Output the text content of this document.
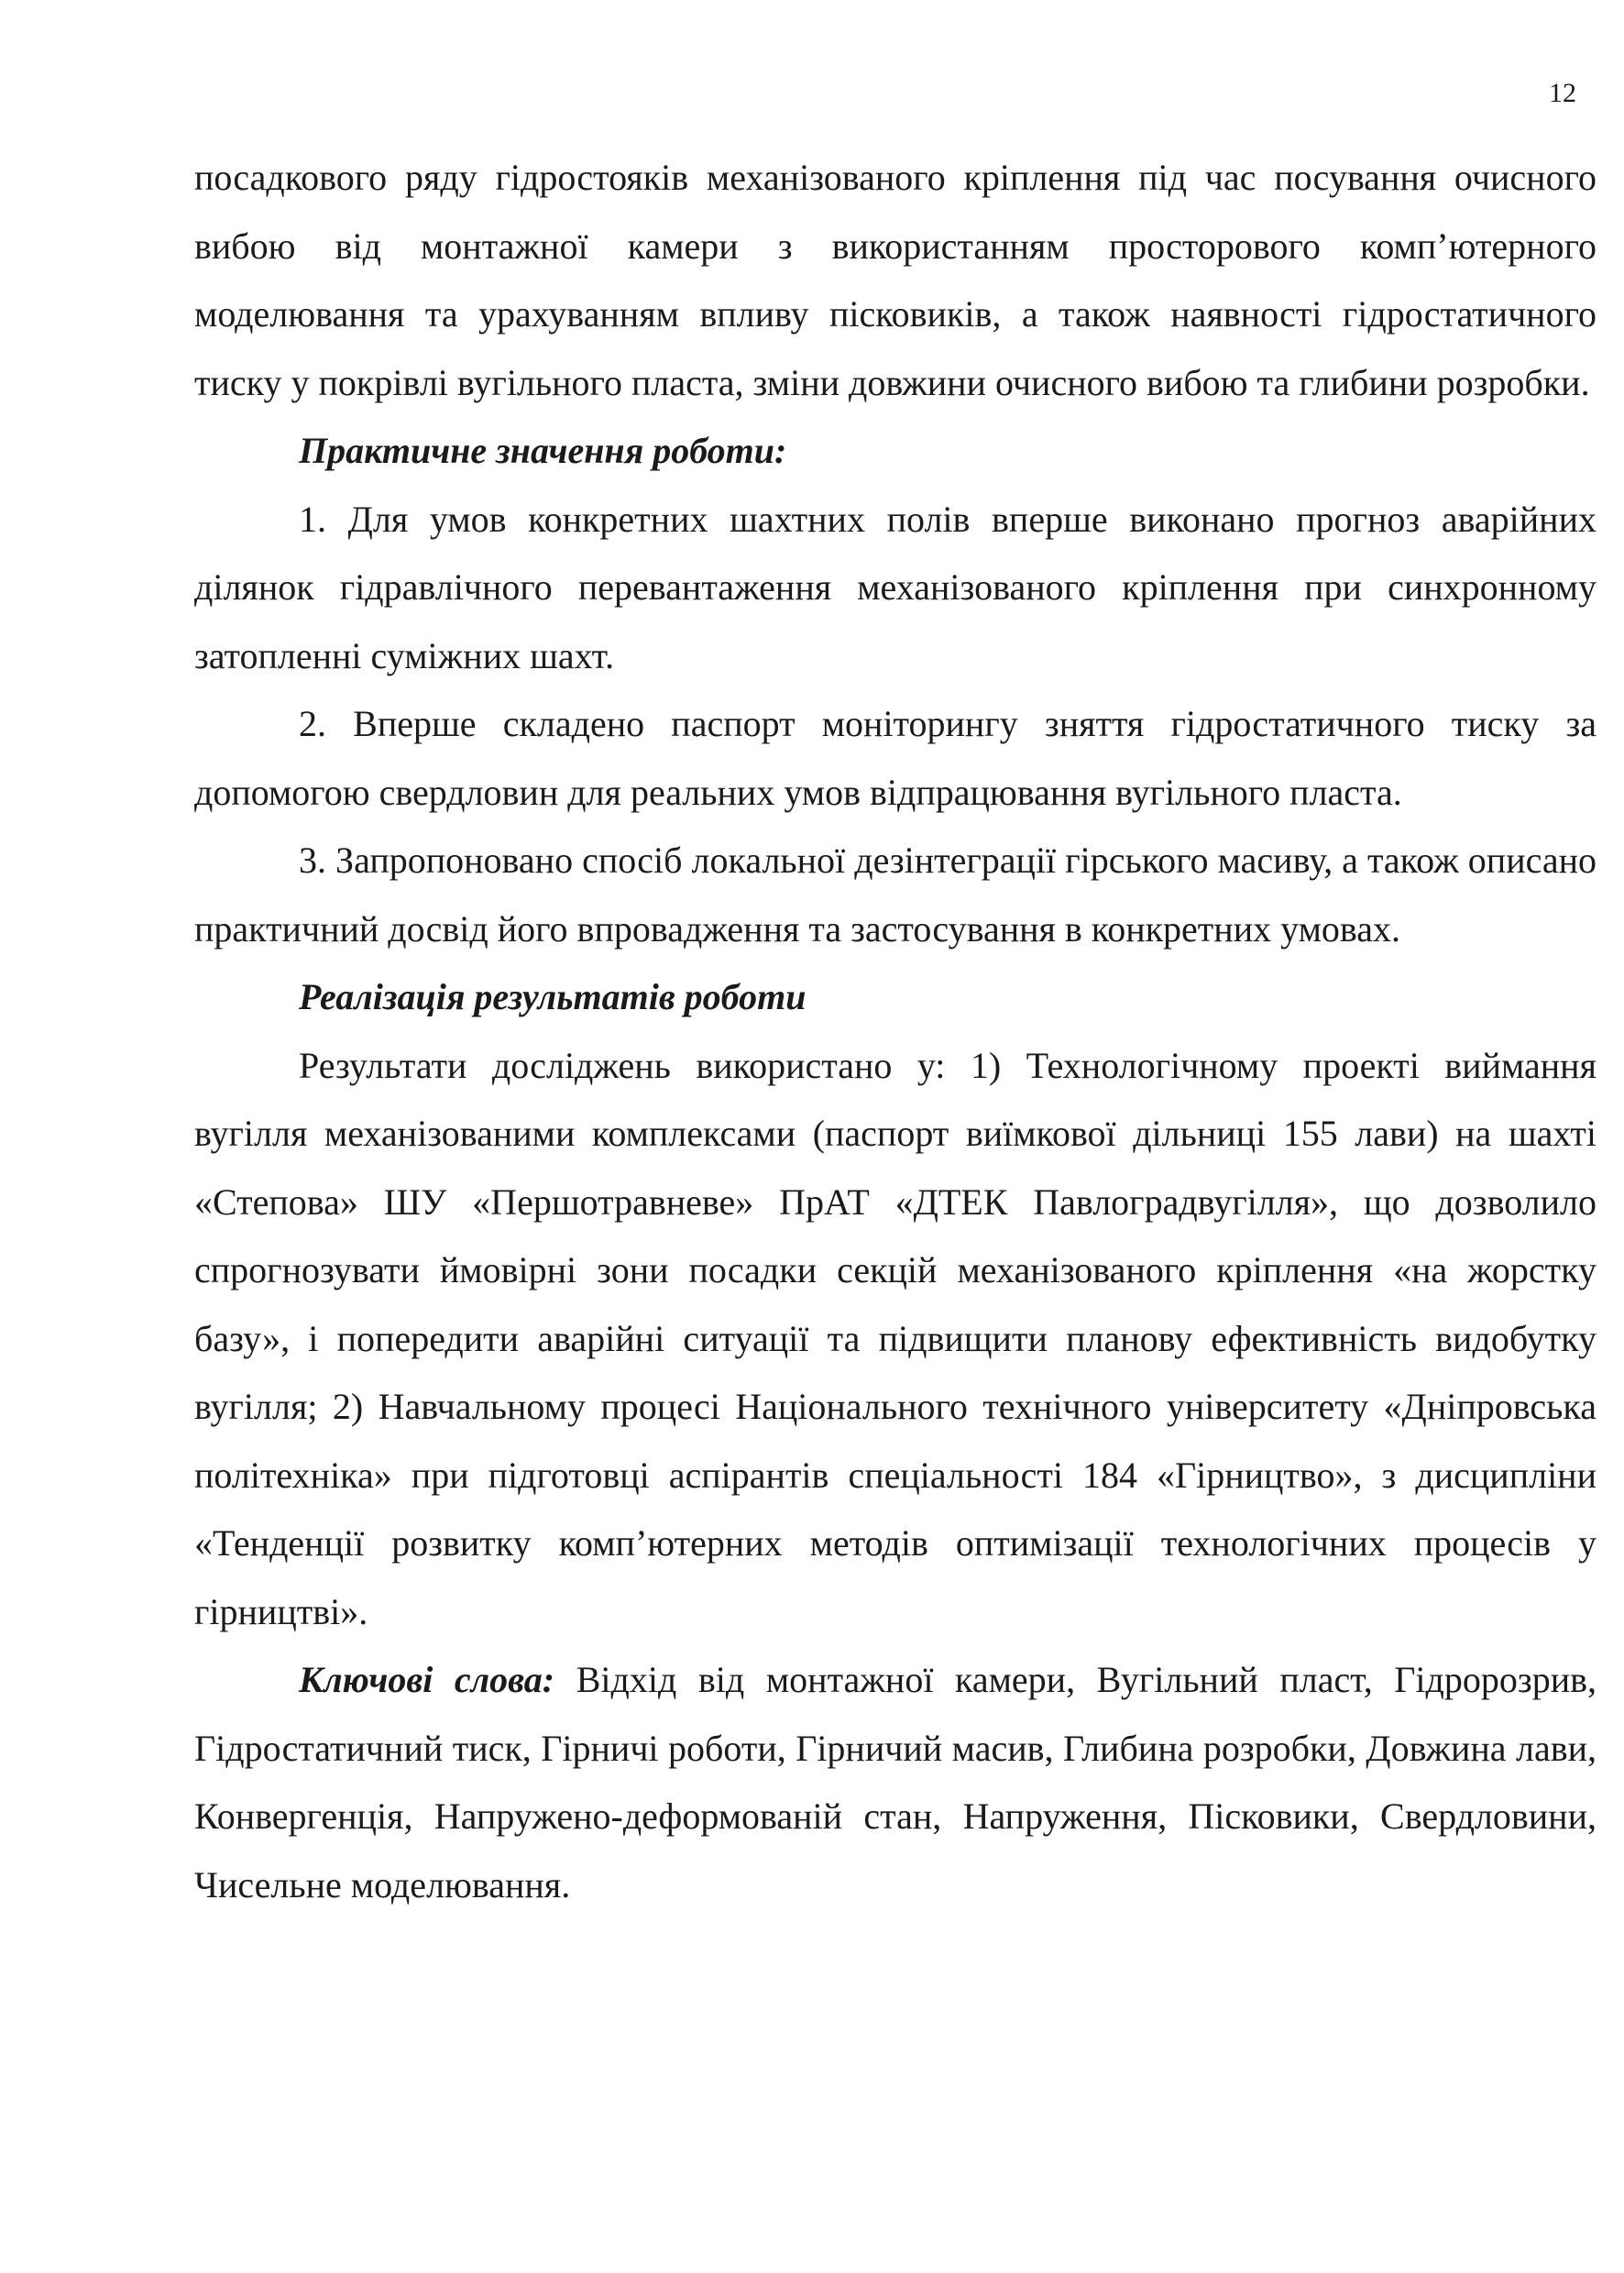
12

посадкового ряду гідростояків механізованого кріплення під час посування очисного вибою від монтажної камери з використанням просторового комп’ютерного моделювання та урахуванням впливу пісковиків, а також наявності гідростатичного тиску у покрівлі вугільного пласта, зміни довжини очисного вибою та глибини розробки.

Практичне значення роботи:

1. Для умов конкретних шахтних полів вперше виконано прогноз аварійних ділянок гідравлічного перевантаження механізованого кріплення при синхронному затопленні суміжних шахт.

2. Вперше складено паспорт моніторингу зняття гідростатичного тиску за допомогою свердловин для реальних умов відпрацювання вугільного пласта.

3. Запропоновано спосіб локальної дезінтеграції гірського масиву, а також описано практичний досвід його впровадження та застосування в конкретних умовах.

Реалізація результатів роботи

Результати досліджень використано у: 1) Технологічному проекті виймання вугілля механізованими комплексами (паспорт виїмкової дільниці 155 лави) на шахті «Степова» ШУ «Першотравневе» ПрАТ «ДТЕК Павлоградвугілля», що дозволило спрогнозувати ймовірні зони посадки секцій механізованого кріплення «на жорстку базу», і попередити аварійні ситуації та підвищити планову ефективність видобутку вугілля; 2) Навчальному процесі Національного технічного університету «Дніпровська політехніка» при підготовці аспірантів спеціальності 184 «Гірництво», з дисципліни «Тенденції розвитку комп’ютерних методів оптимізації технологічних процесів у гірництві».

Ключові слова: Відхід від монтажної камери, Вугільний пласт, Гідророзрив, Гідростатичний тиск, Гірничі роботи, Гірничий масив, Глибина розробки, Довжина лави, Конвергенція, Напружено-деформованій стан, Напруження, Пісковики, Свердловини, Чисельне моделювання.
